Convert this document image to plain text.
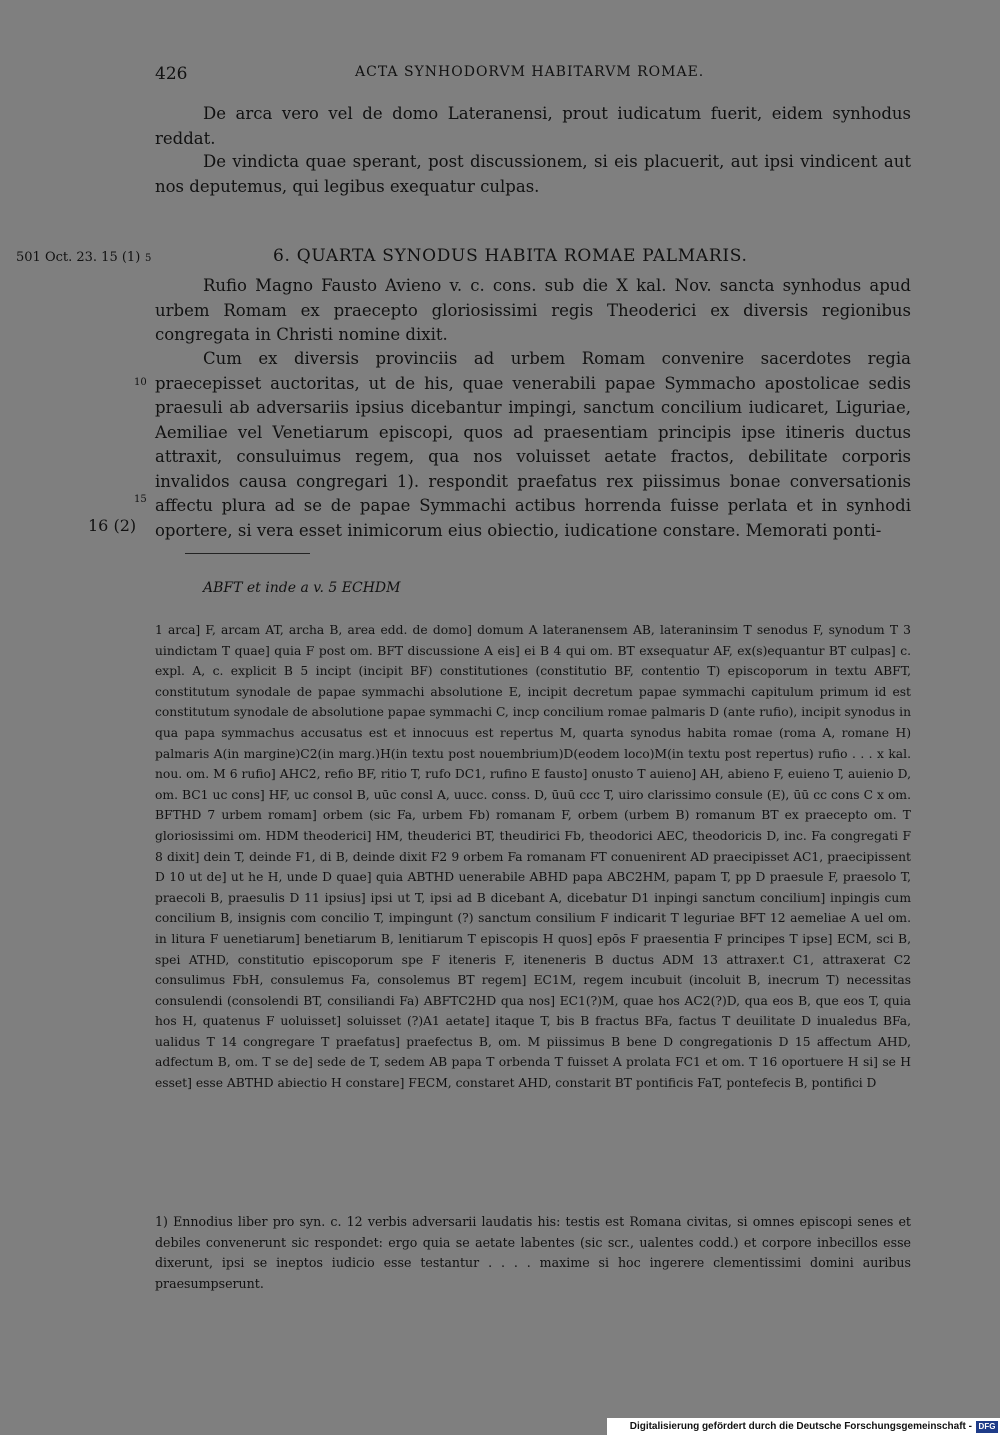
426	ACTA SYNHODORVM HABITARVM ROMAE.
De arca vero vel de domo Lateranensi, prout iudicatum fuerit, eidem synhodus reddat.
De vindicta quae sperant, post discussionem, si eis placuerit, aut ipsi vindicent aut nos deputemus, qui legibus exequatur culpas.
501 Oct. 23. 15 (1) 5	6. QUARTA SYNODUS HABITA ROMAE PALMARIS.
Rufio Magno Fausto Avieno v. c. cons. sub die X kal. Nov. sancta synhodus apud urbem Romam ex praecepto gloriosissimi regis Theoderici ex diversis regionibus congregata in Christi nomine dixit.
Cum ex diversis provinciis ad urbem Romam convenire sacerdotes regia praecepisset auctoritas, ut de his, quae venerabili papae Symmacho apostolicae sedis praesuli ab adversariis ipsius dicebantur impingi, sanctum concilium iudicaret, Liguriae, Aemiliae vel Venetiarum episcopi, quos ad praesentiam principis ipse itineris ductus attraxit, consuluimus regem, qua nos voluisset aetate fractos, debilitate corporis invalidos causa congregari 1). respondit praefatus rex piissimus bonae conversationis affectu plura ad se de papae Symmachi actibus horrenda fuisse perlata et in synhodi oportere, si vera esset inimicorum eius obiectio, iudicatione constare. Memorati ponti-
10
15
16 (2)
ABFT et inde a v. 5 ECHDM

1 arca] F, arcam AT, archa B, area edd. de domo] domum A lateranensem AB, lateraninsim T senodus F, synodum T 3 uindictam T quae] quia F post om. BFT discussione A eis] ei B 4 qui om. BT exsequatur AF, ex(s)equantur BT culpas] c. expl. A, c. explicit B 5 incipt (incipit BF) constitutiones (constitutio BF, contentio T) episcoporum in textu ABFT, constitutum synodale de papae symmachi absolutione E, incipit decretum papae symmachi capitulum primum id est constitutum synodale de absolutione papae symmachi C, incp concilium romae palmaris D (ante rufio), incipit synodus in qua papa symmachus accusatus est et innocuus est repertus M, quarta synodus habita romae (roma A, romane H) palmaris A(in margine)C2(in marg.)H(in textu post nouembrium)D(eodem loco)M(in textu post repertus) rufio . . . x kal. nou. om. M 6 rufio] AHC2, refio BF, ritio T, rufo DC1, rufino E fausto] onusto T auieno] AH, abieno F, euieno T, auienio D, om. BC1 uc cons] HF, uc consol B, uūc consl A, uucc. conss. D, ūuū ccc T, uiro clarissimo consule (E), ūū cc cons C x om. BFTHD 7 urbem romam] orbem (sic Fa, urbem Fb) romanam F, orbem (urbem B) romanum BT ex praecepto om. T gloriosissimi om. HDM theoderici] HM, theuderici BT, theudirici Fb, theodorici AEC, theodoricis D, inc. Fa congregati F 8 dixit] dein T, deinde F1, di B, deinde dixit F2 9 orbem Fa romanam FT conuenirent AD praecipisset AC1, praecipissent D 10 ut de] ut he H, unde D quae] quia ABTHD uenerabile ABHD papa ABC2HM, papam T, pp D praesule F, praesolo T, praecoli B, praesulis D 11 ipsius] ipsi ut T, ipsi ad B dicebant A, dicebatur D1 inpingi sanctum concilium] inpingis cum concilium B, insignis com concilio T, impingunt (?) sanctum consilium F indicarit T leguriae BFT 12 aemeliae A uel om. in litura F uenetiarum] benetiarum B, lenitiarum T episcopis H quos] epōs F praesentia F principes T ipse] ECM, sci B, spei ATHD, constitutio episcoporum spe F iteneris F, iteneneris B ductus ADM 13 attraxer.t C1, attraxerat C2 consulimus FbH, consulemus Fa, consolemus BT regem] EC1M, regem incubuit (incoluit B, inecrum T) necessitas consulendi (consolendi BT, consiliandi Fa) ABFTC2HD qua nos] EC1(?)M, quae hos AC2(?)D, qua eos B, que eos T, quia hos H, quatenus F uoluisset] soluisset (?)A1 aetate] itaque T, bis B fractus BFa, factus T deuilitate D inualedus BFa, ualidus T 14 congregare T praefatus] praefectus B, om. M piissimus B bene D congregationis D 15 affectum AHD, adfectum B, om. T se de] sede de T, sedem AB papa T orbenda T fuisset A prolata FC1 et om. T 16 oportuere H si] se H esset] esse ABTHD abiectio H constare] FECM, constaret AHD, constarit BT pontificis FaT, pontefecis B, pontifici D

1) Ennodius liber pro syn. c. 12 verbis adversarii laudatis his: testis est Romana civitas, si omnes episcopi senes et debiles convenerunt sic respondet: ergo quia se aetate labentes (sic scr., ualentes codd.) et corpore inbecillos esse dixerunt, ipsi se ineptos iudicio esse testantur . . . . maxime si hoc ingerere clementissimi domini auribus praesumpserunt.

Digitalisierung gefördert durch die Deutsche Forschungsgemeinschaft - DFG
